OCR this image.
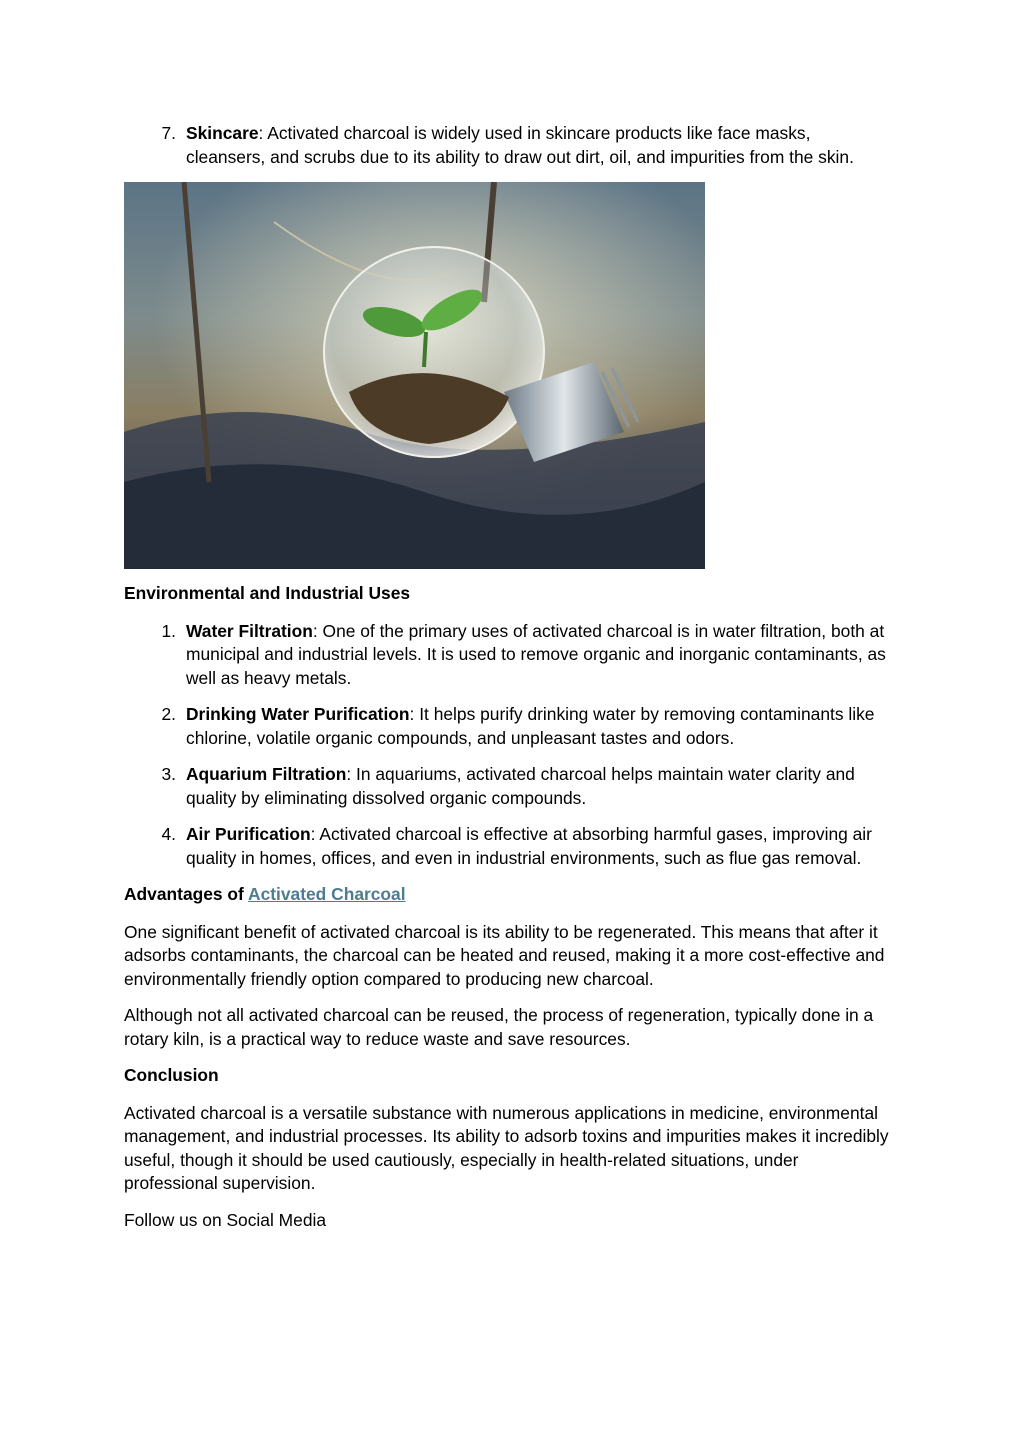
7. Skincare: Activated charcoal is widely used in skincare products like face masks, cleansers, and scrubs due to its ability to draw out dirt, oil, and impurities from the skin.
Environmental and Industrial Uses
1. Water Filtration: One of the primary uses of activated charcoal is in water filtration, both at municipal and industrial levels. It is used to remove organic and inorganic contaminants, as well as heavy metals.
2. Drinking Water Purification: It helps purify drinking water by removing contaminants like chlorine, volatile organic compounds, and unpleasant tastes and odors.
3. Aquarium Filtration: In aquariums, activated charcoal helps maintain water clarity and quality by eliminating dissolved organic compounds.
4. Air Purification: Activated charcoal is effective at absorbing harmful gases, improving air quality in homes, offices, and even in industrial environments, such as flue gas removal.
Advantages of Activated Charcoal

One significant benefit of activated charcoal is its ability to be regenerated. This means that after it adsorbs contaminants, the charcoal can be heated and reused, making it a more cost-effective and environmentally friendly option compared to producing new charcoal.

Although not all activated charcoal can be reused, the process of regeneration, typically done in a rotary kiln, is a practical way to reduce waste and save resources.

Conclusion

Activated charcoal is a versatile substance with numerous applications in medicine, environmental management, and industrial processes. Its ability to adsorb toxins and impurities makes it incredibly useful, though it should be used cautiously, especially in health-related situations, under professional supervision.

Follow us on Social Media
